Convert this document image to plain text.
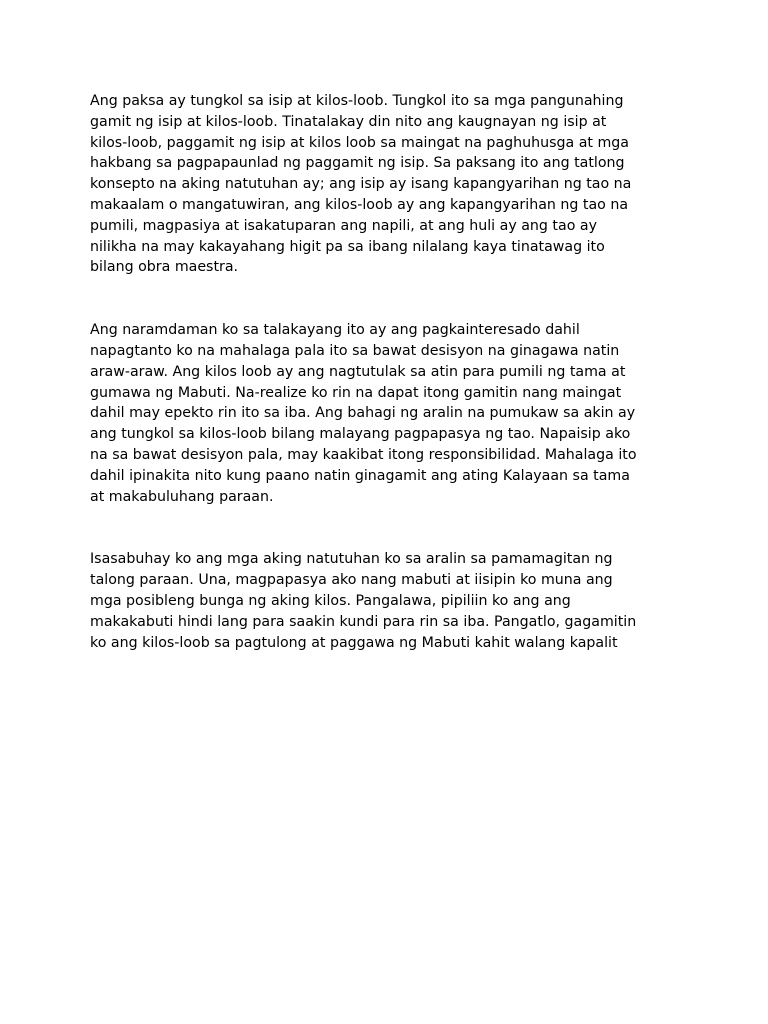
Ang paksa ay tungkol sa isip at kilos-loob. Tungkol ito sa mga pangunahing
gamit ng isip at kilos-loob. Tinatalakay din nito ang kaugnayan ng isip at
kilos-loob, paggamit ng isip at kilos loob sa maingat na paghuhusga at mga
hakbang sa pagpapaunlad ng paggamit ng isip. Sa paksang ito ang tatlong
konsepto na aking natutuhan ay; ang isip ay isang kapangyarihan ng tao na
makaalam o mangatuwiran, ang kilos-loob ay ang kapangyarihan ng tao na
pumili, magpasiya at isakatuparan ang napili, at ang huli ay ang tao ay
nilikha na may kakayahang higit pa sa ibang nilalang kaya tinatawag ito
bilang obra maestra.

Ang naramdaman ko sa talakayang ito ay ang pagkainteresado dahil
napagtanto ko na mahalaga pala ito sa bawat desisyon na ginagawa natin
araw-araw. Ang kilos loob ay ang nagtutulak sa atin para pumili ng tama at
gumawa ng Mabuti. Na-realize ko rin na dapat itong gamitin nang maingat
dahil may epekto rin ito sa iba. Ang bahagi ng aralin na pumukaw sa akin ay
ang tungkol sa kilos-loob bilang malayang pagpapasya ng tao. Napaisip ako
na sa bawat desisyon pala, may kaakibat itong responsibilidad. Mahalaga ito
dahil ipinakita nito kung paano natin ginagamit ang ating Kalayaan sa tama
at makabuluhang paraan.

Isasabuhay ko ang mga aking natutuhan ko sa aralin sa pamamagitan ng
talong paraan. Una, magpapasya ako nang mabuti at iisipin ko muna ang
mga posibleng bunga ng aking kilos. Pangalawa, pipiliin ko ang ang
makakabuti hindi lang para saakin kundi para rin sa iba. Pangatlo, gagamitin
ko ang kilos-loob sa pagtulong at paggawa ng Mabuti kahit walang kapalit
